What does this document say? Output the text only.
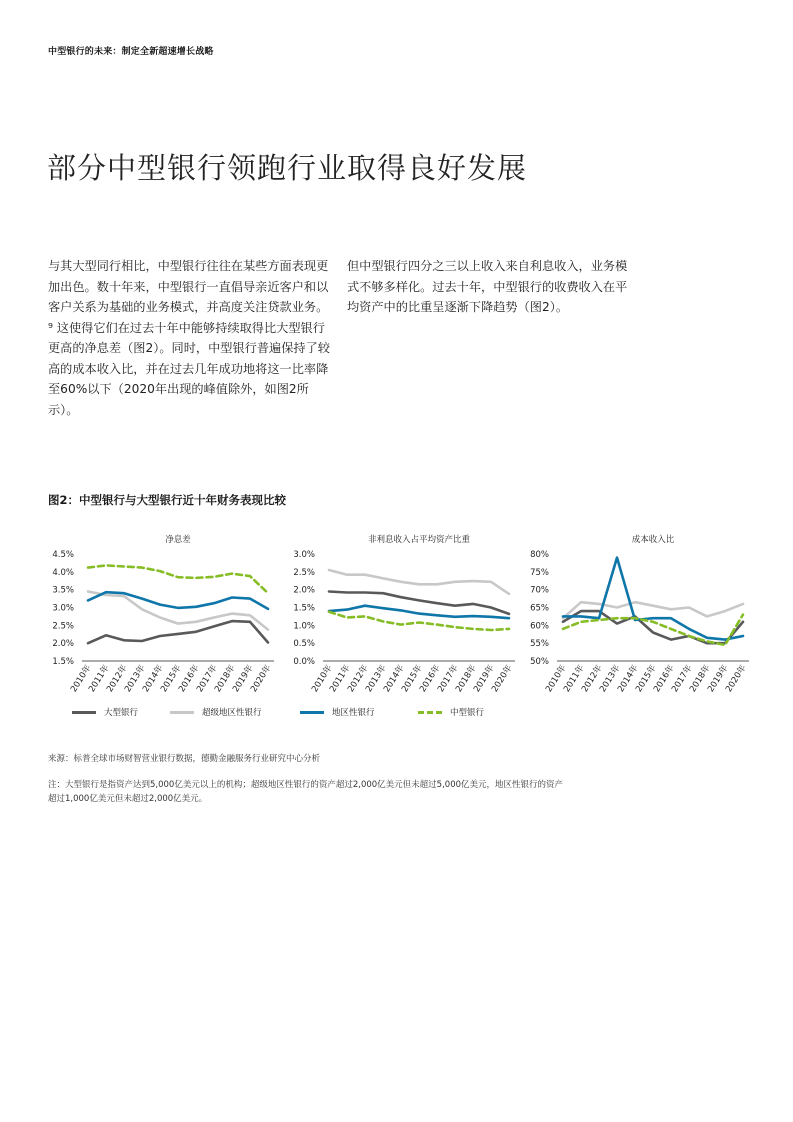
中型银行的未来：制定全新超速增长战略
部分中型银行领跑行业取得良好发展
与其大型同行相比，中型银行往往在某些方面表现更加出色。数十年来，中型银行一直倡导亲近客户和以客户关系为基础的业务模式，并高度关注贷款业务。⁹ 这使得它们在过去十年中能够持续取得比大型银行更高的净息差（图2）。同时，中型银行普遍保持了较高的成本收入比，并在过去几年成功地将这一比率降至60%以下（2020年出现的峰值除外，如图2所示）。
但中型银行四分之三以上收入来自利息收入，业务模式不够多样化。过去十年，中型银行的收费收入在平均资产中的比重呈逐渐下降趋势（图2）。
图2：中型银行与大型银行近十年财务表现比较
净息差
1.5%
2.0%
2.5%
3.0%
3.5%
4.0%
4.5%
2010年
2011年
2012年
2013年
2014年
2015年
2016年
2017年
2018年
2019年
2020年
非利息收入占平均资产比重
0.0%
0.5%
1.0%
1.5%
2.0%
2.5%
3.0%
2010年
2011年
2012年
2013年
2014年
2015年
2016年
2017年
2018年
2019年
2020年
成本收入比
50%
55%
60%
65%
70%
75%
80%
2010年
2011年
2012年
2013年
2014年
2015年
2016年
2017年
2018年
2019年
2020年
大型银行	超级地区性银行	地区性银行	中型银行
来源：标普全球市场财智营业银行数据，德勤金融服务行业研究中心分析
注：大型银行是指资产达到5,000亿美元以上的机构；超级地区性银行的资产超过2,000亿美元但未超过5,000亿美元，地区性银行的资产超过1,000亿美元但未超过2,000亿美元。
